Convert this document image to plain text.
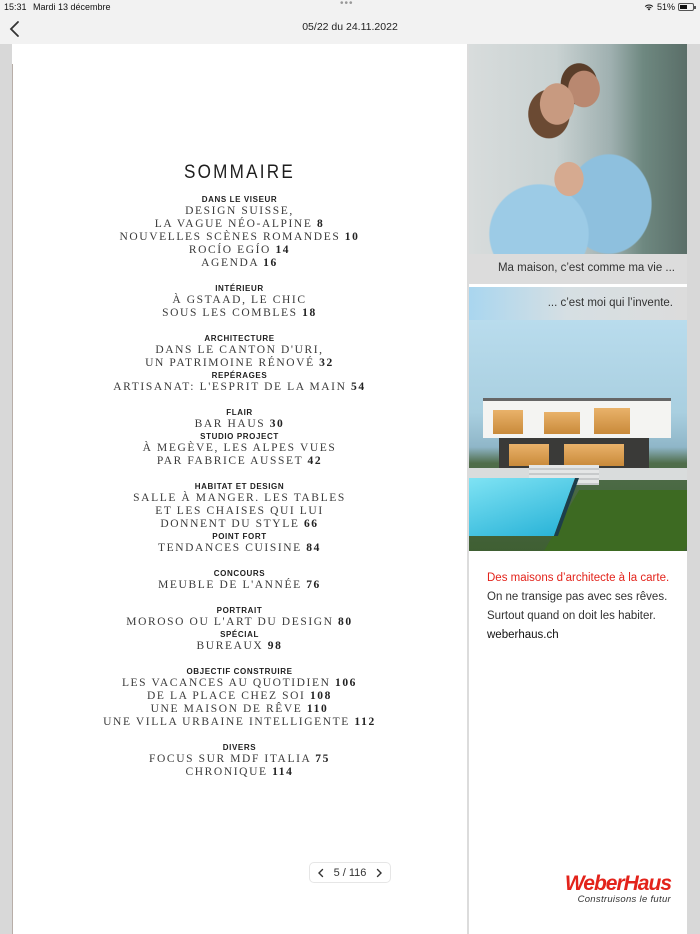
15:31 Mardi 13 décembre	•••	51%
05/22 du 24.11.2022
SOMMAIRE
DANS LE VISEUR
DESIGN SUISSE,
LA VAGUE NÉO-ALPINE 8
NOUVELLES SCÈNES ROMANDES 10
ROCÍO EGÍO 14
AGENDA 16
INTÉRIEUR
À GSTAAD, LE CHIC
SOUS LES COMBLES 18
ARCHITECTURE
DANS LE CANTON D'URI,
UN PATRIMOINE RÉNOVÉ 32
REPÉRAGES
ARTISANAT: L'ESPRIT DE LA MAIN 54
FLAIR
BAR HAUS 30
STUDIO PROJECT
À MEGÈVE, LES ALPES VUES
PAR FABRICE AUSSET 42
HABITAT ET DESIGN
SALLE À MANGER. LES TABLES
ET LES CHAISES QUI LUI
DONNENT DU STYLE 66
POINT FORT
TENDANCES CUISINE 84
CONCOURS
MEUBLE DE L'ANNÉE 76
PORTRAIT
MOROSO OU L'ART DU DESIGN 80
SPÉCIAL
BUREAUX 98
OBJECTIF CONSTRUIRE
LES VACANCES AU QUOTIDIEN 106
DE LA PLACE CHEZ SOI 108
UNE MAISON DE RÊVE 110
UNE VILLA URBAINE INTELLIGENTE 112
DIVERS
FOCUS SUR MDF ITALIA 75
CHRONIQUE 114
5 / 116
Ma maison, c’est comme ma vie ...
... c’est moi qui l’invente.
Des maisons d’architecte à la carte. On ne transige pas avec ses rêves. Surtout quand on doit les habiter.
weberhaus.ch
WeberHaus
Construisons le futur
